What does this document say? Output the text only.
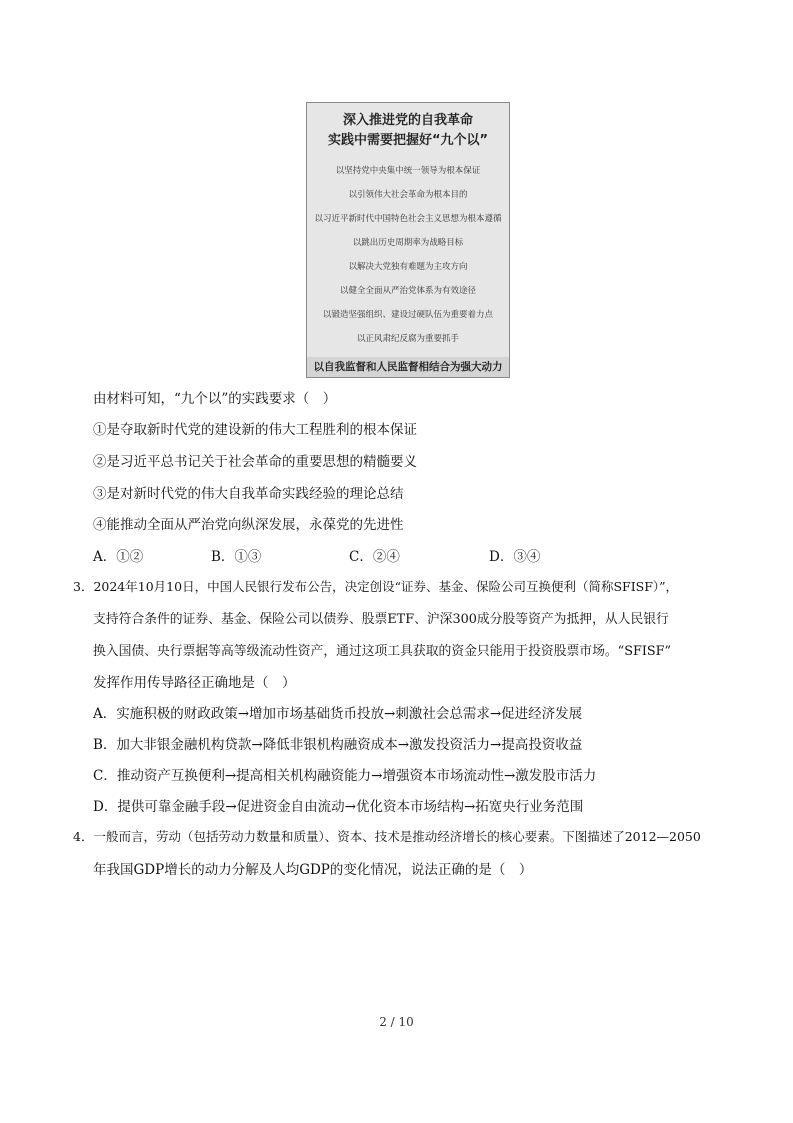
深入推进党的自我革命
实践中需要把握好“九个以”
以坚持党中央集中统一领导为根本保证
以引领伟大社会革命为根本目的
以习近平新时代中国特色社会主义思想为根本遵循
以跳出历史周期率为战略目标
以解决大党独有难题为主攻方向
以健全全面从严治党体系为有效途径
以锻造坚强组织、建设过硬队伍为重要着力点
以正风肃纪反腐为重要抓手
以自我监督和人民监督相结合为强大动力
由材料可知，“九个以”的实践要求（　）
①是夺取新时代党的建设新的伟大工程胜利的根本保证
②是习近平总书记关于社会革命的重要思想的精髓要义
③是对新时代党的伟大自我革命实践经验的理论总结
④能推动全面从严治党向纵深发展，永葆党的先进性
A．①②	B．①③	C．②④	D．③④
3．2024年10月10日，中国人民银行发布公告，决定创设“证券、基金、保险公司互换便利（简称SFISF）”，
支持符合条件的证券、基金、保险公司以债券、股票ETF、沪深300成分股等资产为抵押，从人民银行
换入国债、央行票据等高等级流动性资产，通过这项工具获取的资金只能用于投资股票市场。“SFISF”
发挥作用传导路径正确地是（　）
A．实施积极的财政政策→增加市场基础货币投放→刺激社会总需求→促进经济发展
B．加大非银金融机构贷款→降低非银机构融资成本→激发投资活力→提高投资收益
C．推动资产互换便利→提高相关机构融资能力→增强资本市场流动性→激发股市活力
D．提供可靠金融手段→促进资金自由流动→优化资本市场结构→拓宽央行业务范围
4．一般而言，劳动（包括劳动力数量和质量）、资本、技术是推动经济增长的核心要素。下图描述了2012—2050
年我国GDP增长的动力分解及人均GDP的变化情况，说法正确的是（　）
2 / 10
